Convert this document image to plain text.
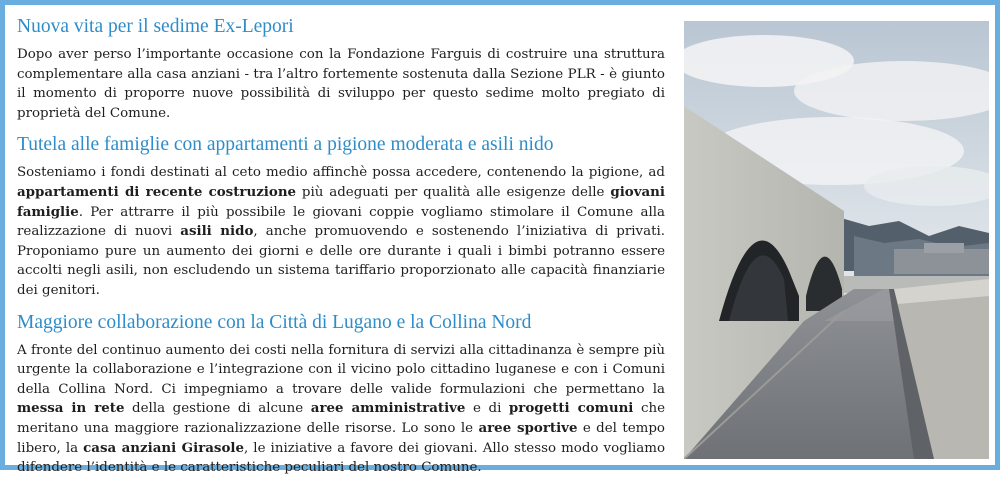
Nuova vita per il sedime Ex-Lepori

Dopo aver perso l’importante occasione con la Fondazione Farguis di costruire una struttura complementare alla casa anziani - tra l’altro fortemente sostenuta dalla Sezione PLR - è giunto il momento di proporre nuove possibilità di sviluppo per questo sedime molto pregiato di proprietà del Comune.

Tutela alle famiglie con appartamenti a pigione moderata e asili nido

Sosteniamo i fondi destinati al ceto medio affinchè possa accedere, contenendo la pigione, ad appartamenti di recente costruzione più adeguati per qualità alle esigenze delle giovani famiglie. Per attrarre il più possibile le giovani coppie vogliamo stimolare il Comune alla realizzazione di nuovi asili nido, anche promuovendo e sostenendo l’iniziativa di privati. Proponiamo pure un aumento dei giorni e delle ore durante i quali i bimbi potranno essere accolti negli asili, non escludendo un sistema tariffario proporzionato alle capacità finanziarie dei genitori.

Maggiore collaborazione con la Città di Lugano e la Collina Nord

A fronte del continuo aumento dei costi nella fornitura di servizi alla cittadinanza è sempre più urgente la collaborazione e l’integrazione con il vicino polo cittadino luganese e con i Comuni della Collina Nord. Ci impegniamo a trovare delle valide formulazioni che permettano la messa in rete della gestione di alcune aree amministrative e di progetti comuni che meritano una maggiore razionalizzazione delle risorse. Lo sono le aree sportive e del tempo libero, la casa anziani Girasole, le iniziative a favore dei giovani. Allo stesso modo vogliamo difendere l’identità e le caratteristiche peculiari del nostro Comune.
